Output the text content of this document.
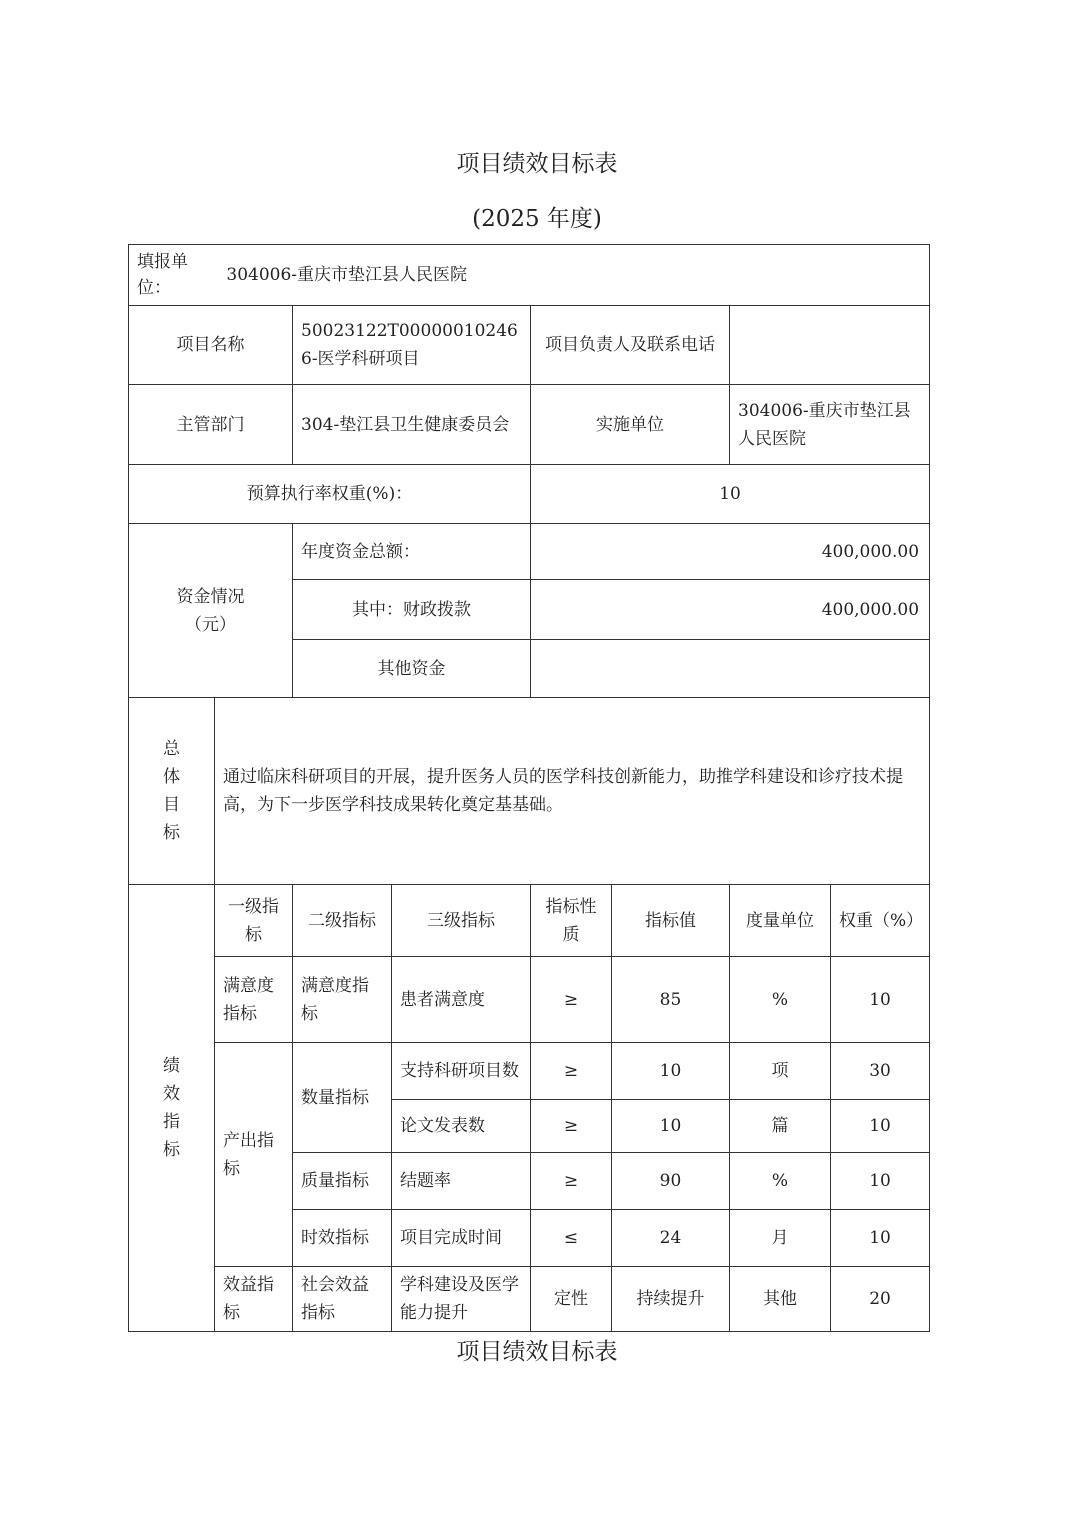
项目绩效目标表
(2025 年度)
填报单位： 304006-重庆市垫江县人民医院							
项目名称		50023122T000000102466-医学科研项目		项目负责人及联系电话			
主管部门		304-垫江县卫生健康委员会		实施单位		304006-重庆市垫江县人民医院	
预算执行率权重(%)：				10			
资金情况（元）		年度资金总额：		400,000.00			
		其中：财政拨款		400,000.00			
		其他资金					

总
体
目
标	通过临床科研项目的开展，提升医务人员的医学科技创新能力，助推学科建设和诊疗技术提高，为下一步医学科技成果转化奠定基基础。						

绩
效
指
标	一级指标	二级指标	三级指标	指标性质	指标值	度量单位	权重（%）
	满意度指标	满意度指标	患者满意度	≥	85	%	10
	产出指标	数量指标	支持科研项目数	≥	10	项	30
			论文发表数	≥	10	篇	10
		质量指标	结题率	≥	90	%	10
		时效指标	项目完成时间	≤	24	月	10
	效益指标	社会效益指标	学科建设及医学能力提升	定性	持续提升	其他	20
项目绩效目标表
